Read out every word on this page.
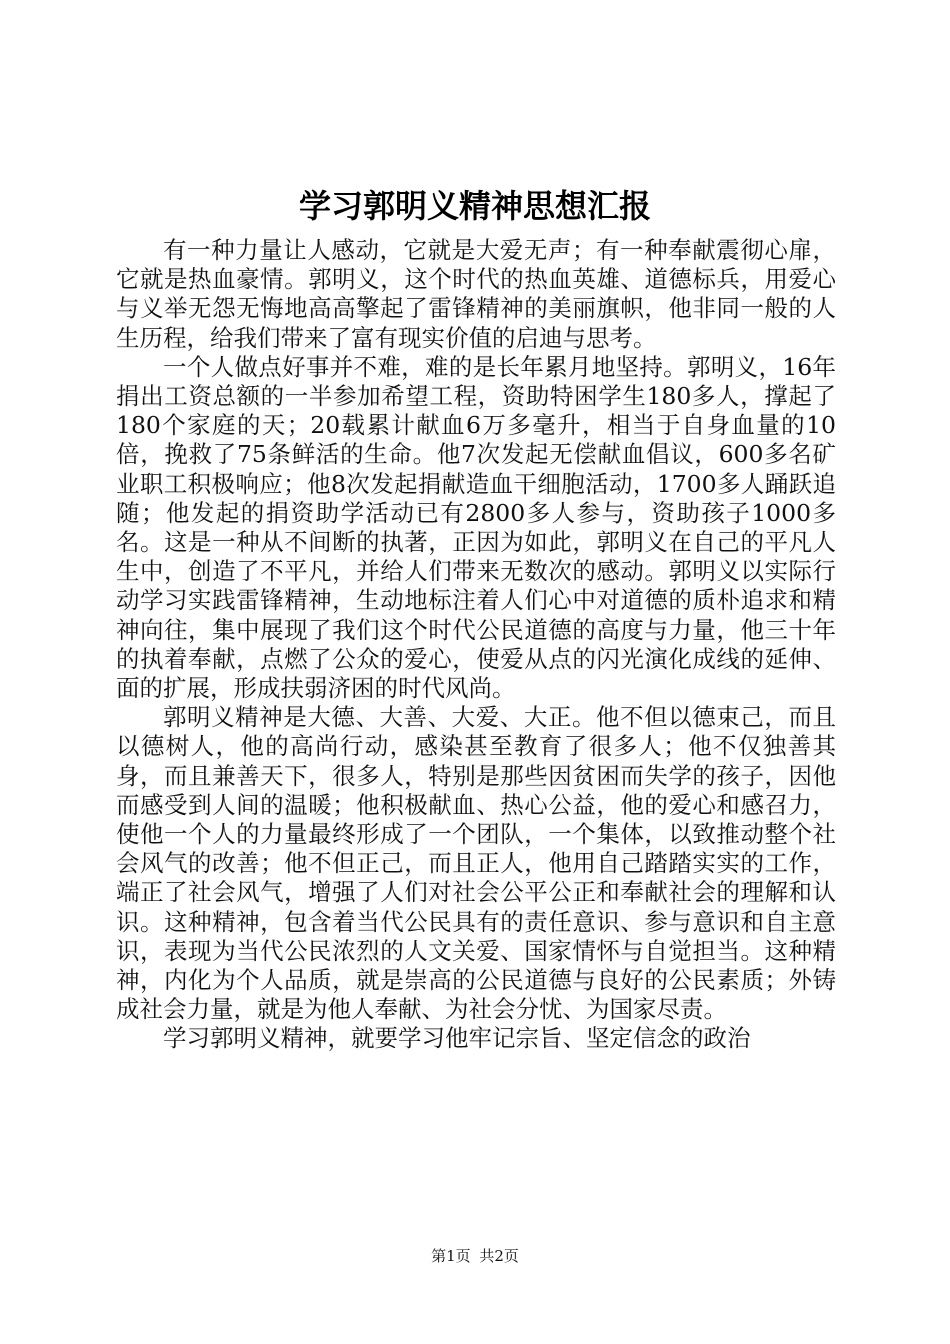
学习郭明义精神思想汇报

有一种力量让人感动，它就是大爱无声；有一种奉献震彻心扉，它就是热血豪情。郭明义，这个时代的热血英雄、道德标兵，用爱心与义举无怨无悔地高高擎起了雷锋精神的美丽旗帜，他非同一般的人生历程，给我们带来了富有现实价值的启迪与思考。

一个人做点好事并不难，难的是长年累月地坚持。郭明义，16年捐出工资总额的一半参加希望工程，资助特困学生180多人，撑起了180个家庭的天；20载累计献血6万多毫升，相当于自身血量的10倍，挽救了75条鲜活的生命。他7次发起无偿献血倡议，600多名矿业职工积极响应；他8次发起捐献造血干细胞活动，1700多人踊跃追随；他发起的捐资助学活动已有2800多人参与，资助孩子1000多名。这是一种从不间断的执著，正因为如此，郭明义在自己的平凡人生中，创造了不平凡，并给人们带来无数次的感动。郭明义以实际行动学习实践雷锋精神，生动地标注着人们心中对道德的质朴追求和精神向往，集中展现了我们这个时代公民道德的高度与力量，他三十年的执着奉献，点燃了公众的爱心，使爱从点的闪光演化成线的延伸、面的扩展，形成扶弱济困的时代风尚。

郭明义精神是大德、大善、大爱、大正。他不但以德束己，而且以德树人，他的高尚行动，感染甚至教育了很多人；他不仅独善其身，而且兼善天下，很多人，特别是那些因贫困而失学的孩子，因他而感受到人间的温暖；他积极献血、热心公益，他的爱心和感召力，使他一个人的力量最终形成了一个团队，一个集体，以致推动整个社会风气的改善；他不但正己，而且正人，他用自己踏踏实实的工作，端正了社会风气，增强了人们对社会公平公正和奉献社会的理解和认识。这种精神，包含着当代公民具有的责任意识、参与意识和自主意识，表现为当代公民浓烈的人文关爱、国家情怀与自觉担当。这种精神，内化为个人品质，就是崇高的公民道德与良好的公民素质；外铸成社会力量，就是为他人奉献、为社会分忧、为国家尽责。

学习郭明义精神，就要学习他牢记宗旨、坚定信念的政治

第1页 共2页
